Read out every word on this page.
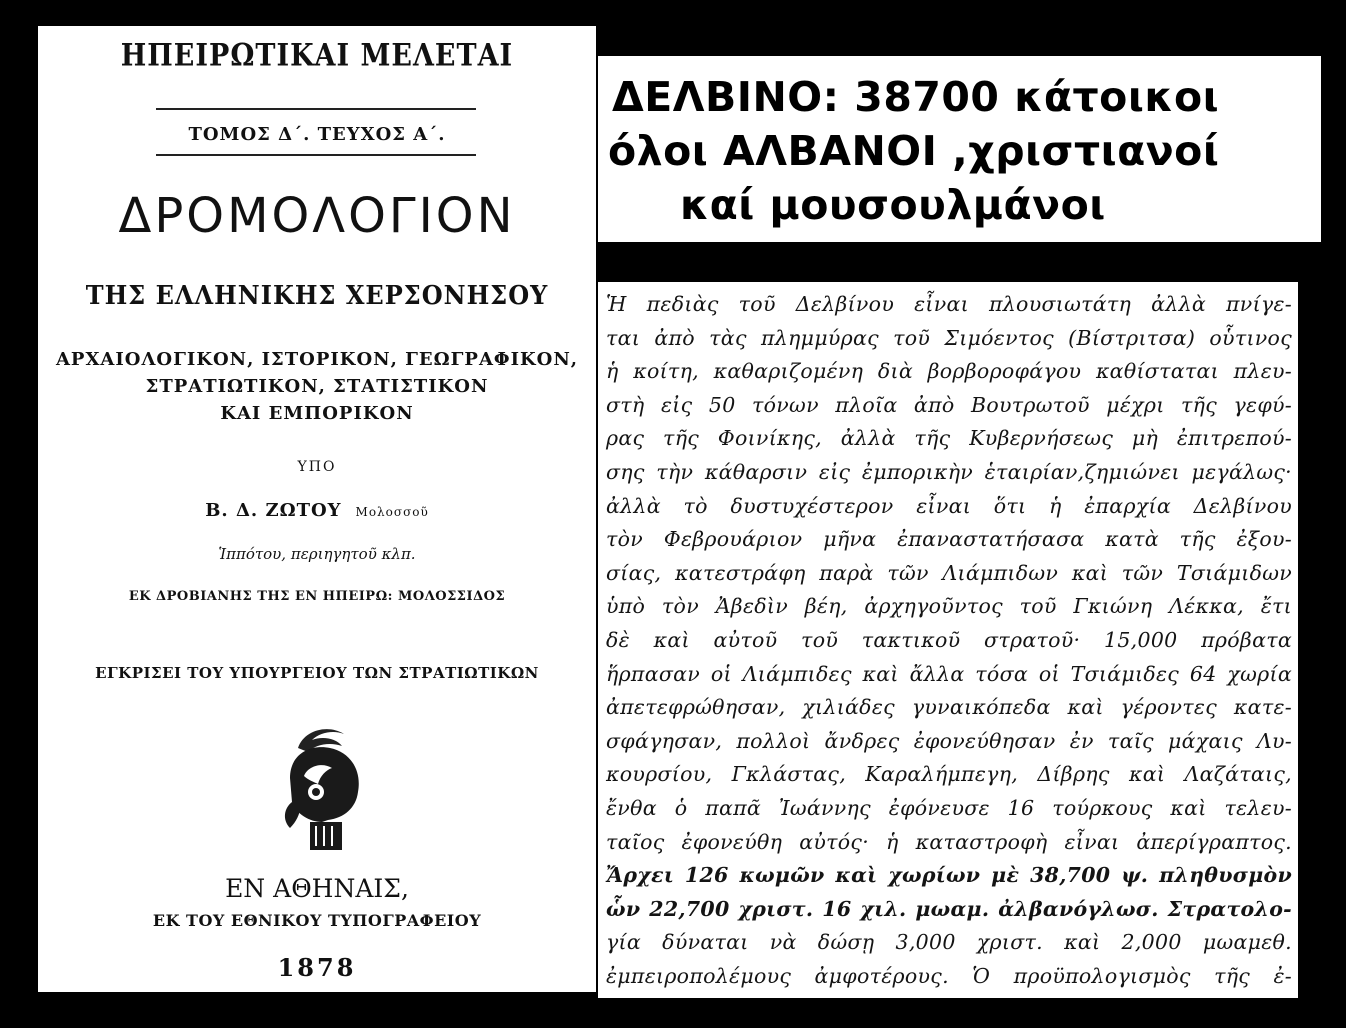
ΗΠΕΙΡΩΤΙΚΑΙ ΜΕΛΕΤΑΙ
ΤΟΜΟΣ Δ΄. ΤΕΥΧΟΣ Α΄.
ΔΡΟΜΟΛΟΓΙΟΝ
ΤΗΣ ΕΛΛΗΝΙΚΗΣ ΧΕΡΣΟΝΗΣΟΥ
ΑΡΧΑΙΟΛΟΓΙΚΟΝ, ΙΣΤΟΡΙΚΟΝ, ΓΕΩΓΡΑΦΙΚΟΝ,
ΣΤΡΑΤΙΩΤΙΚΟΝ, ΣΤΑΤΙΣΤΙΚΟΝ
ΚΑΙ ΕΜΠΟΡΙΚΟΝ
ΥΠΟ
Β. Δ. ΖΩΤΟΥ Μολοσσοῦ
Ἱππότου, περιηγητοῦ κλπ.
ΕΚ ΔΡΟΒΙΑΝΗΣ ΤΗΣ ΕΝ ΗΠΕΙΡΩ: ΜΟΛΟΣΣΙΔΟΣ
ΕΓΚΡΙΣΕΙ ΤΟΥ ΥΠΟΥΡΓΕΙΟΥ ΤΩΝ ΣΤΡΑΤΙΩΤΙΚΩΝ
ΕΝ ΑΘΗΝΑΙΣ,
ΕΚ ΤΟΥ ΕΘΝΙΚΟΥ ΤΥΠΟΓΡΑΦΕΙΟΥ
1878
ΔΕΛΒΙΝΟ: 38700 κάτοικοι
όλοι ΑΛΒΑΝΟΙ ,χριστιανοί
καί μουσουλμάνοι
Ἡ πεδιὰς τοῦ Δελβίνου εἶναι πλουσιωτάτη ἀλλὰ πνίγε-
ται ἀπὸ τὰς πλημμύρας τοῦ Σιμόεντος (Βίστριτσα) οὗτινος
ἡ κοίτη, καθαριζομένη διὰ βορβοροφάγου καθίσταται πλευ-
στὴ εἰς 50 τόνων πλοῖα ἀπὸ Βουτρωτοῦ μέχρι τῆς γεφύ-
ρας τῆς Φοινίκης, ἀλλὰ τῆς Κυβερνήσεως μὴ ἐπιτρεπού-
σης τὴν κάθαρσιν εἰς ἐμπορικὴν ἑταιρίαν,ζημιώνει μεγάλως·
ἀλλὰ τὸ δυστυχέστερον εἶναι ὅτι ἡ ἐπαρχία Δελβίνου
τὸν Φεβρουάριον μῆνα ἐπαναστατήσασα κατὰ τῆς ἐξου-
σίας, κατεστράφη παρὰ τῶν Λιάμπιδων καὶ τῶν Τσιάμιδων
ὑπὸ τὸν Ἀβεδὶν βέη, ἀρχηγοῦντος τοῦ Γκιώνη Λέκκα, ἔτι
δὲ καὶ αὐτοῦ τοῦ τακτικοῦ στρατοῦ· 15,000 πρόβατα
ἥρπασαν οἱ Λιάμπιδες καὶ ἄλλα τόσα οἱ Τσιάμιδες 64 χωρία
ἀπετεφρώθησαν, χιλιάδες γυναικόπεδα καὶ γέροντες κατε-
σφάγησαν, πολλοὶ ἄνδρες ἐφονεύθησαν ἐν ταῖς μάχαις Λυ-
κουρσίου, Γκλάστας, Καραλήμπεγη, Δίβρης καὶ Λαζάταις,
ἔνθα ὁ παπᾶ Ἰωάννης ἐφόνευσε 16 τούρκους καὶ τελευ-
ταῖος ἐφονεύθη αὐτός· ἡ καταστροφὴ εἶναι ἀπερίγραπτος.
Ἄρχει 126 κωμῶν καὶ χωρίων μὲ 38,700 ψ. πληθυσμὸν
ὧν 22,700 χριστ. 16 χιλ. μωαμ. ἀλβανόγλωσ. Στρατολο-
γία δύναται νὰ δώσῃ 3,000 χριστ. καὶ 2,000 μωαμεθ.
ἐμπειροπολέμους ἀμφοτέρους. Ὁ προϋπολογισμὸς τῆς ἐ-
